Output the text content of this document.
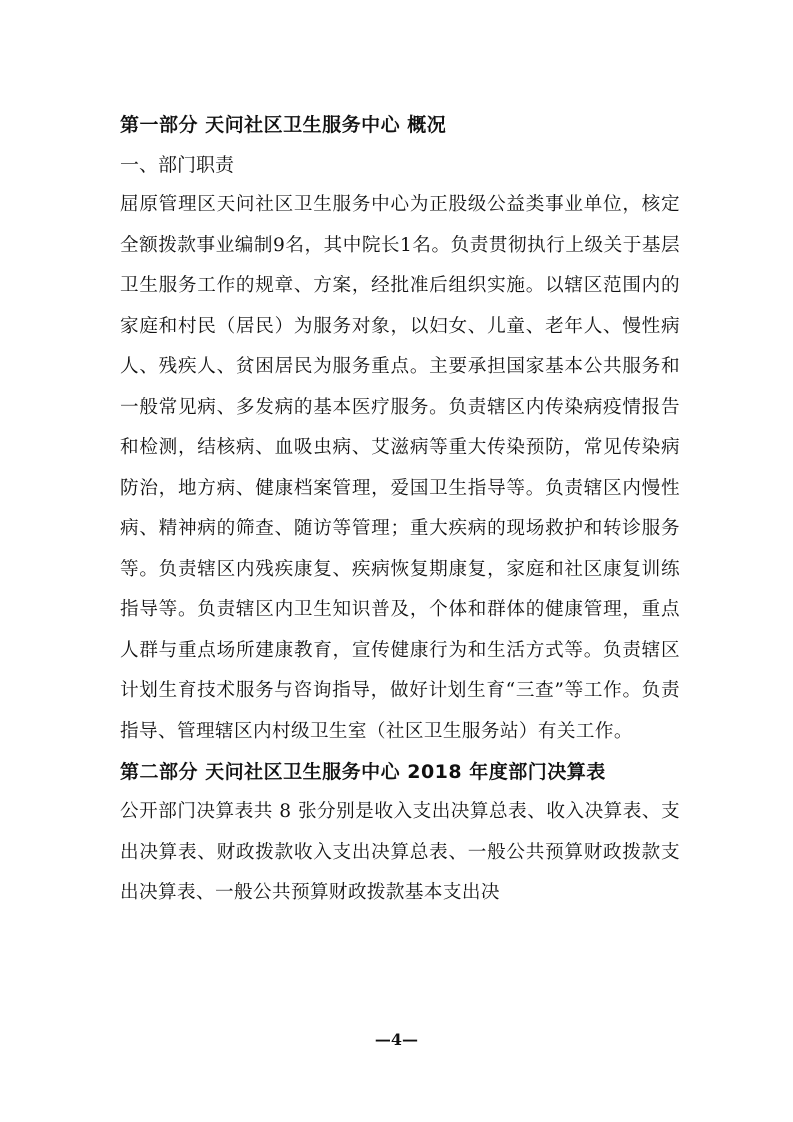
第一部分 天问社区卫生服务中心 概况
一、部门职责

屈原管理区天问社区卫生服务中心为正股级公益类事业单位，核定全额拨款事业编制9名，其中院长1名。负责贯彻执行上级关于基层卫生服务工作的规章、方案，经批准后组织实施。以辖区范围内的家庭和村民（居民）为服务对象，以妇女、儿童、老年人、慢性病人、残疾人、贫困居民为服务重点。主要承担国家基本公共服务和一般常见病、多发病的基本医疗服务。负责辖区内传染病疫情报告和检测，结核病、血吸虫病、艾滋病等重大传染预防，常见传染病防治，地方病、健康档案管理，爱国卫生指导等。负责辖区内慢性病、精神病的筛查、随访等管理；重大疾病的现场救护和转诊服务等。负责辖区内残疾康复、疾病恢复期康复，家庭和社区康复训练指导等。负责辖区内卫生知识普及，个体和群体的健康管理，重点人群与重点场所建康教育，宣传健康行为和生活方式等。负责辖区计划生育技术服务与咨询指导，做好计划生育“三查”等工作。负责指导、管理辖区内村级卫生室（社区卫生服务站）有关工作。

第二部分 天问社区卫生服务中心 2018 年度部门决算表

公开部门决算表共 8 张分别是收入支出决算总表、收入决算表、支出决算表、财政拨款收入支出决算总表、一般公共预算财政拨款支出决算表、一般公共预算财政拨款基本支出决

—4—
